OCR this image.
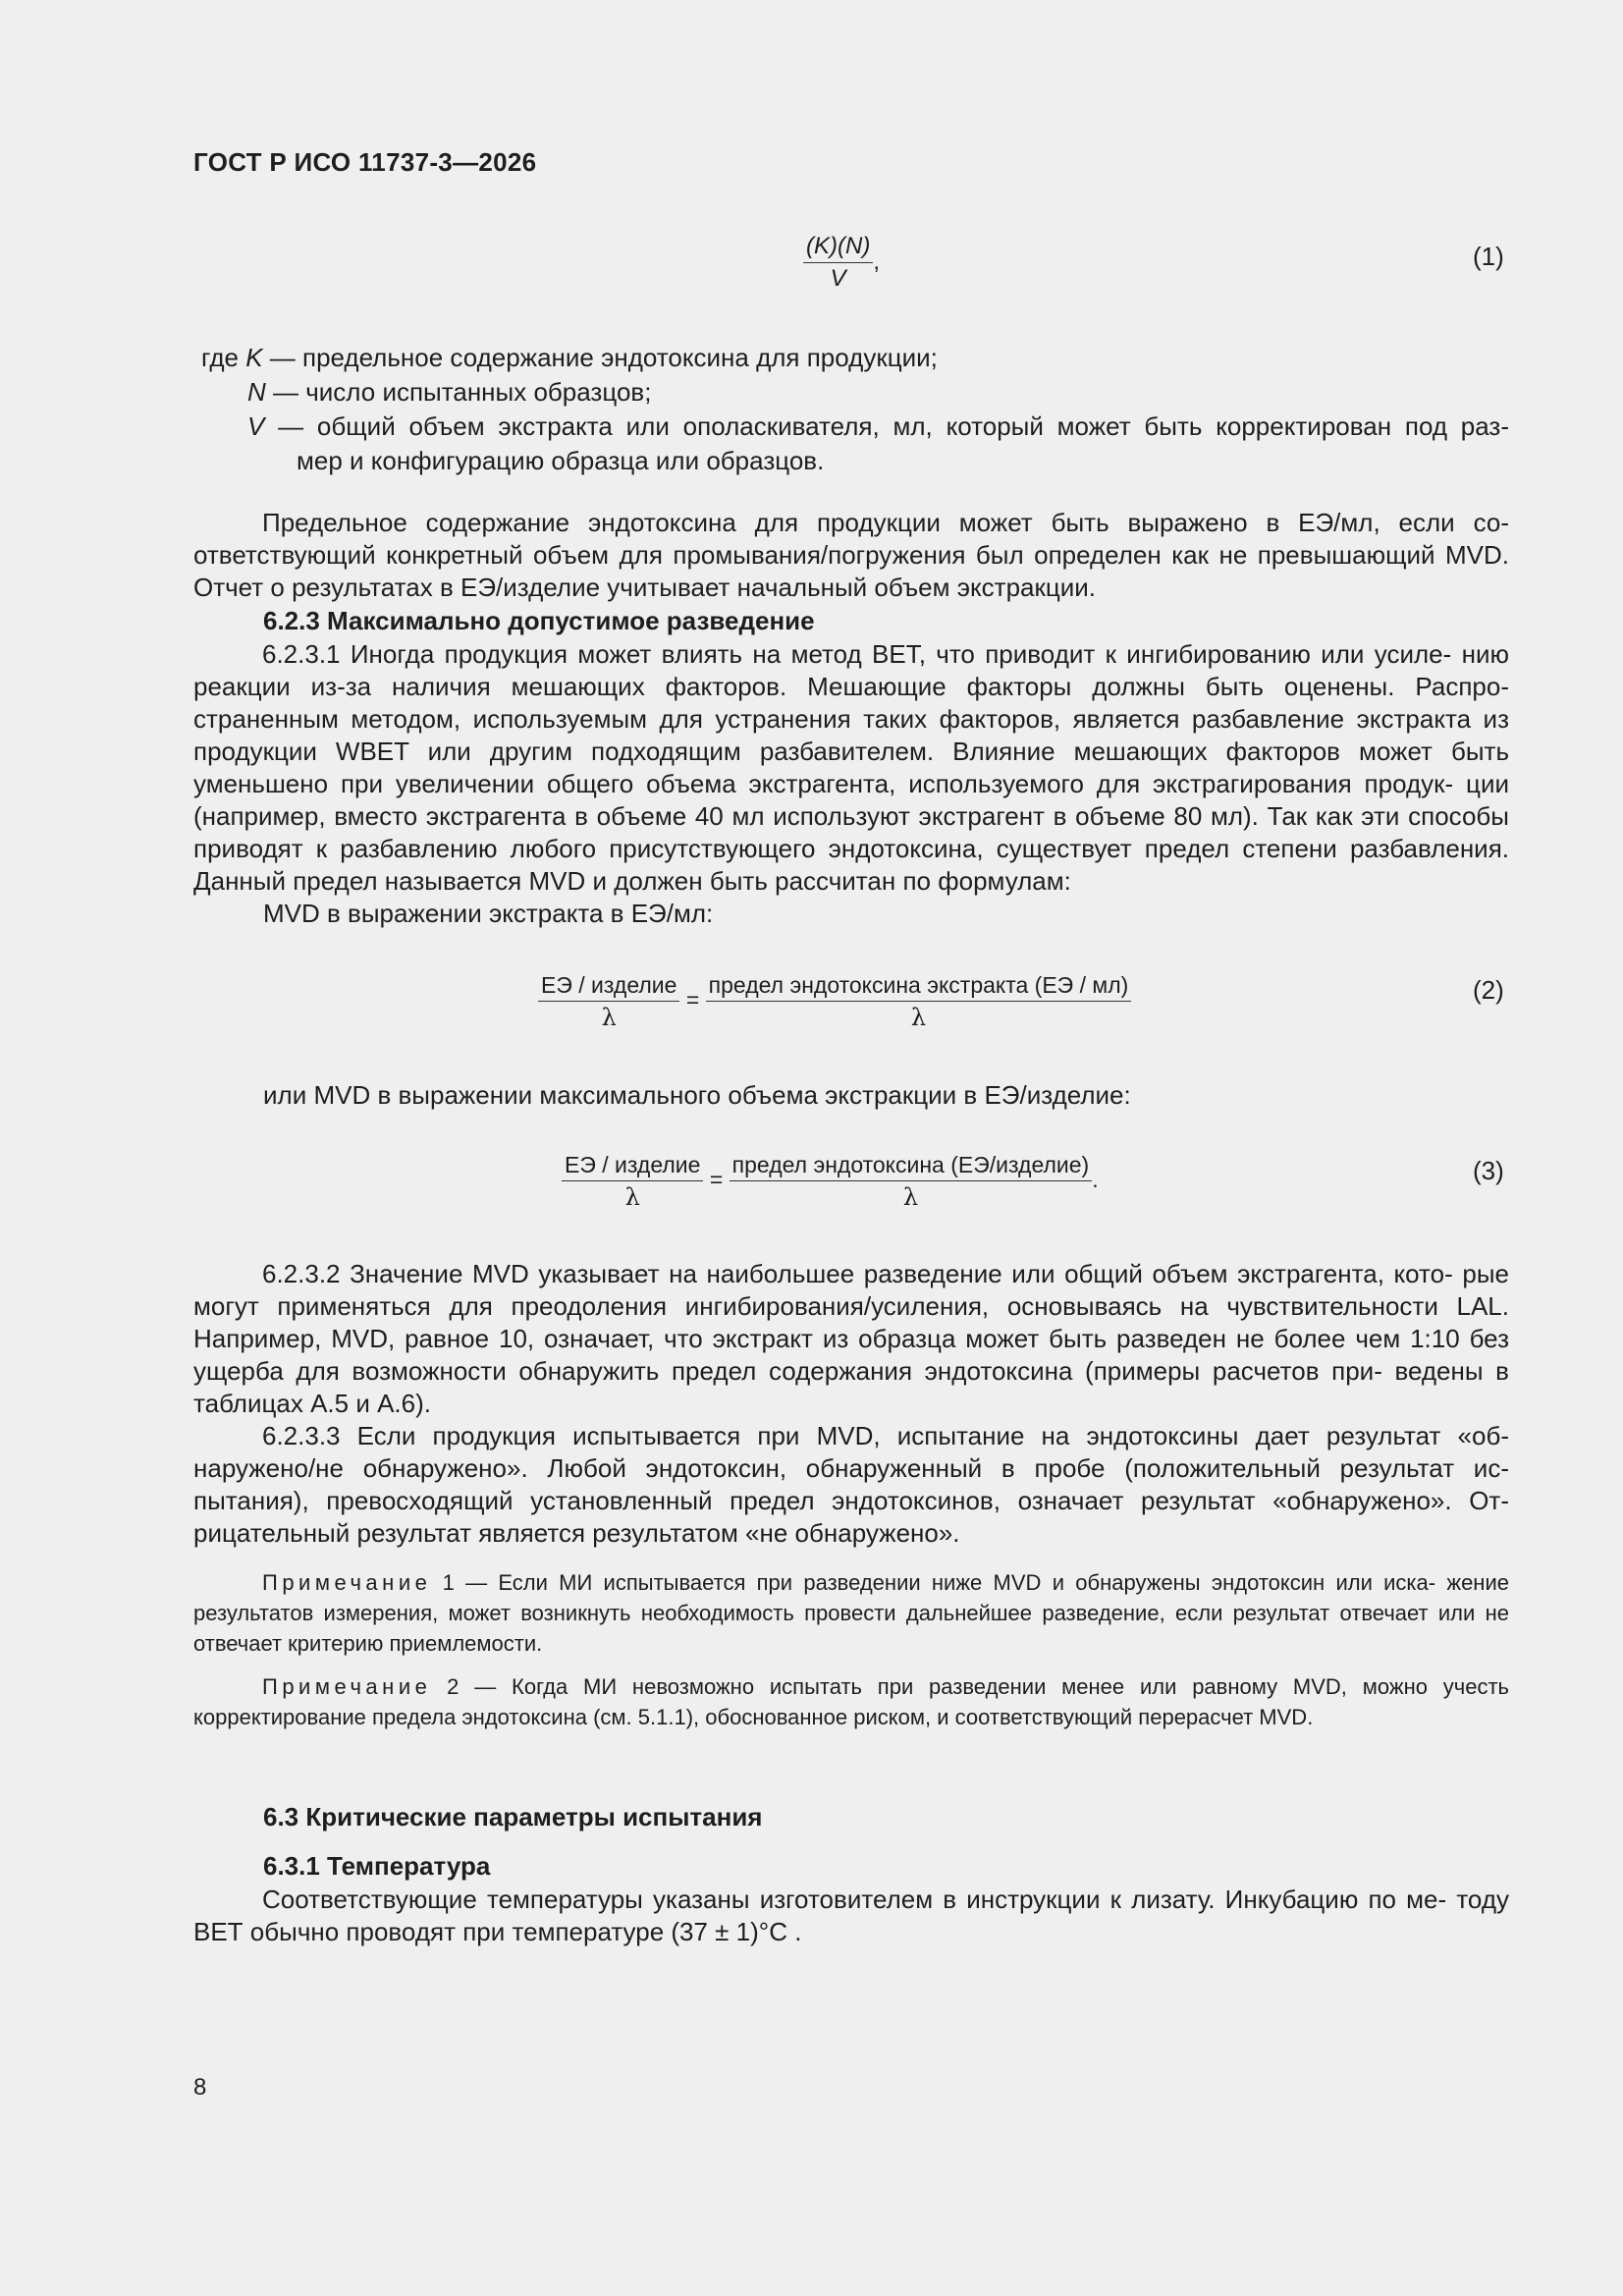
ГОСТ Р ИСО 11737-3—2026
$\frac{(K)(N)}{V}$ ,	(1)
где K — предельное содержание эндотоксина для продукции;
N — число испытанных образцов;
V — общий объем экстракта или ополаскивателя, мл, который может быть корректирован под раз-
мер и конфигурацию образца или образцов.
Предельное содержание эндотоксина для продукции может быть выражено в ЕЭ/мл, если со- ответствующий конкретный объем для промывания/погружения был определен как не превышающий MVD. Отчет о результатах в ЕЭ/изделие учитывает начальный объем экстракции.
6.2.3 Максимально допустимое разведение
6.2.3.1 Иногда продукция может влиять на метод ВЕТ, что приводит к ингибированию или усиле- нию реакции из-за наличия мешающих факторов. Мешающие факторы должны быть оценены. Распро- страненным методом, используемым для устранения таких факторов, является разбавление экстракта из продукции WBET или другим подходящим разбавителем. Влияние мешающих факторов может быть уменьшено при увеличении общего объема экстрагента, используемого для экстрагирования продук- ции (например, вместо экстрагента в объеме 40 мл используют экстрагент в объеме 80 мл). Так как эти способы приводят к разбавлению любого присутствующего эндотоксина, существует предел степени разбавления. Данный предел называется MVD и должен быть рассчитан по формулам:
MVD в выражении экстракта в ЕЭ/мл:
$\frac{\text{ЕЭ / изделие}}{\lambda} = \frac{\text{предел эндотоксина экстракта (ЕЭ / мл)}}{\lambda}$	(2)
или MVD в выражении максимального объема экстракции в ЕЭ/изделие:
$\frac{\text{ЕЭ / изделие}}{\lambda} = \frac{\text{предел эндотоксина (ЕЭ/изделие)}}{\lambda}$ .	(3)
6.2.3.2 Значение MVD указывает на наибольшее разведение или общий объем экстрагента, кото- рые могут применяться для преодоления ингибирования/усиления, основываясь на чувствительности LAL. Например, MVD, равное 10, означает, что экстракт из образца может быть разведен не более чем 1:10 без ущерба для возможности обнаружить предел содержания эндотоксина (примеры расчетов при- ведены в таблицах А.5 и А.6).
6.2.3.3 Если продукция испытывается при MVD, испытание на эндотоксины дает результат «об- наружено/не обнаружено». Любой эндотоксин, обнаруженный в пробе (положительный результат ис- пытания), превосходящий установленный предел эндотоксинов, означает результат «обнаружено». От- рицательный результат является результатом «не обнаружено».
Примечание 1 — Если МИ испытывается при разведении ниже MVD и обнаружены эндотоксин или иска- жение результатов измерения, может возникнуть необходимость провести дальнейшее разведение, если результат отвечает или не отвечает критерию приемлемости.
Примечание 2 — Когда МИ невозможно испытать при разведении менее или равному MVD, можно учесть корректирование предела эндотоксина (см. 5.1.1), обоснованное риском, и соответствующий перерасчет MVD.
6.3 Критические параметры испытания
6.3.1 Температура
Соответствующие температуры указаны изготовителем в инструкции к лизату. Инкубацию по ме- тоду ВЕТ обычно проводят при температуре (37 ± 1)°С .
8
